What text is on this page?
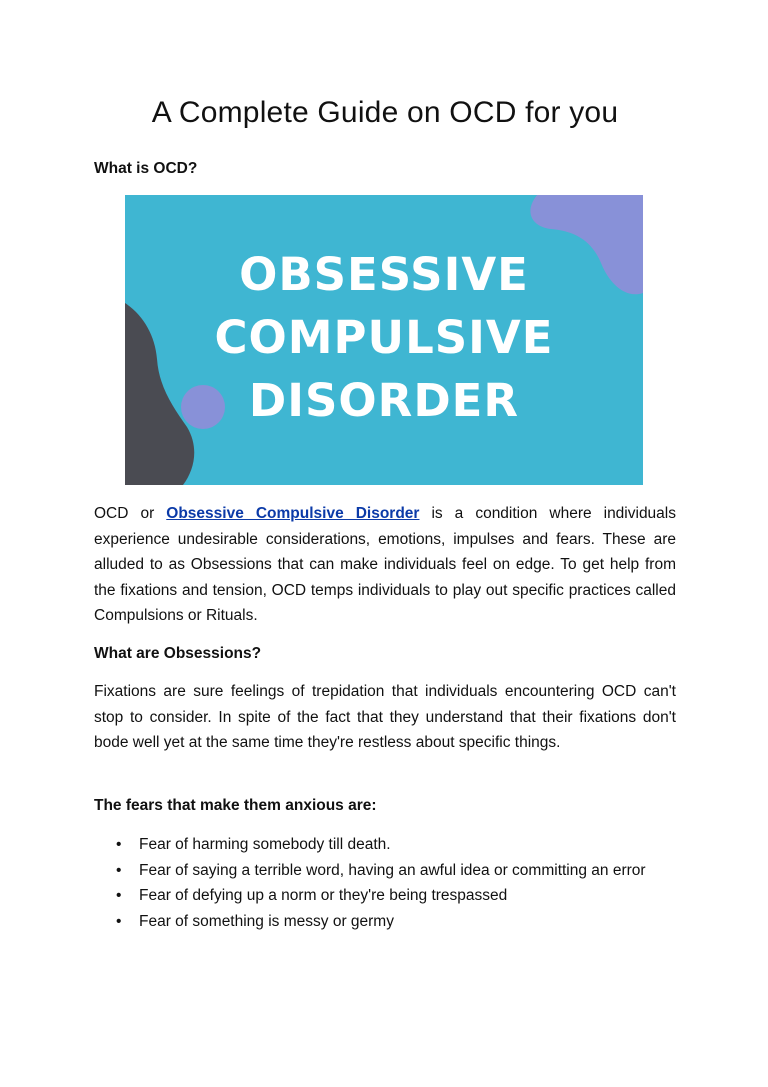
A Complete Guide on OCD for you

What is OCD?

OCD or Obsessive Compulsive Disorder is a condition where individuals experience undesirable considerations, emotions, impulses and fears. These are alluded to as Obsessions that can make individuals feel on edge. To get help from the fixations and tension, OCD temps individuals to play out specific practices called Compulsions or Rituals.

What are Obsessions?

Fixations are sure feelings of trepidation that individuals encountering OCD can't stop to consider. In spite of the fact that they understand that their fixations don't bode well yet at the same time they're restless about specific things.

The fears that make them anxious are:

• Fear of harming somebody till death.
• Fear of saying a terrible word, having an awful idea or committing an error
• Fear of defying up a norm or they're being trespassed
• Fear of something is messy or germy
OBSESSIVE
COMPULSIVE
DISORDER
